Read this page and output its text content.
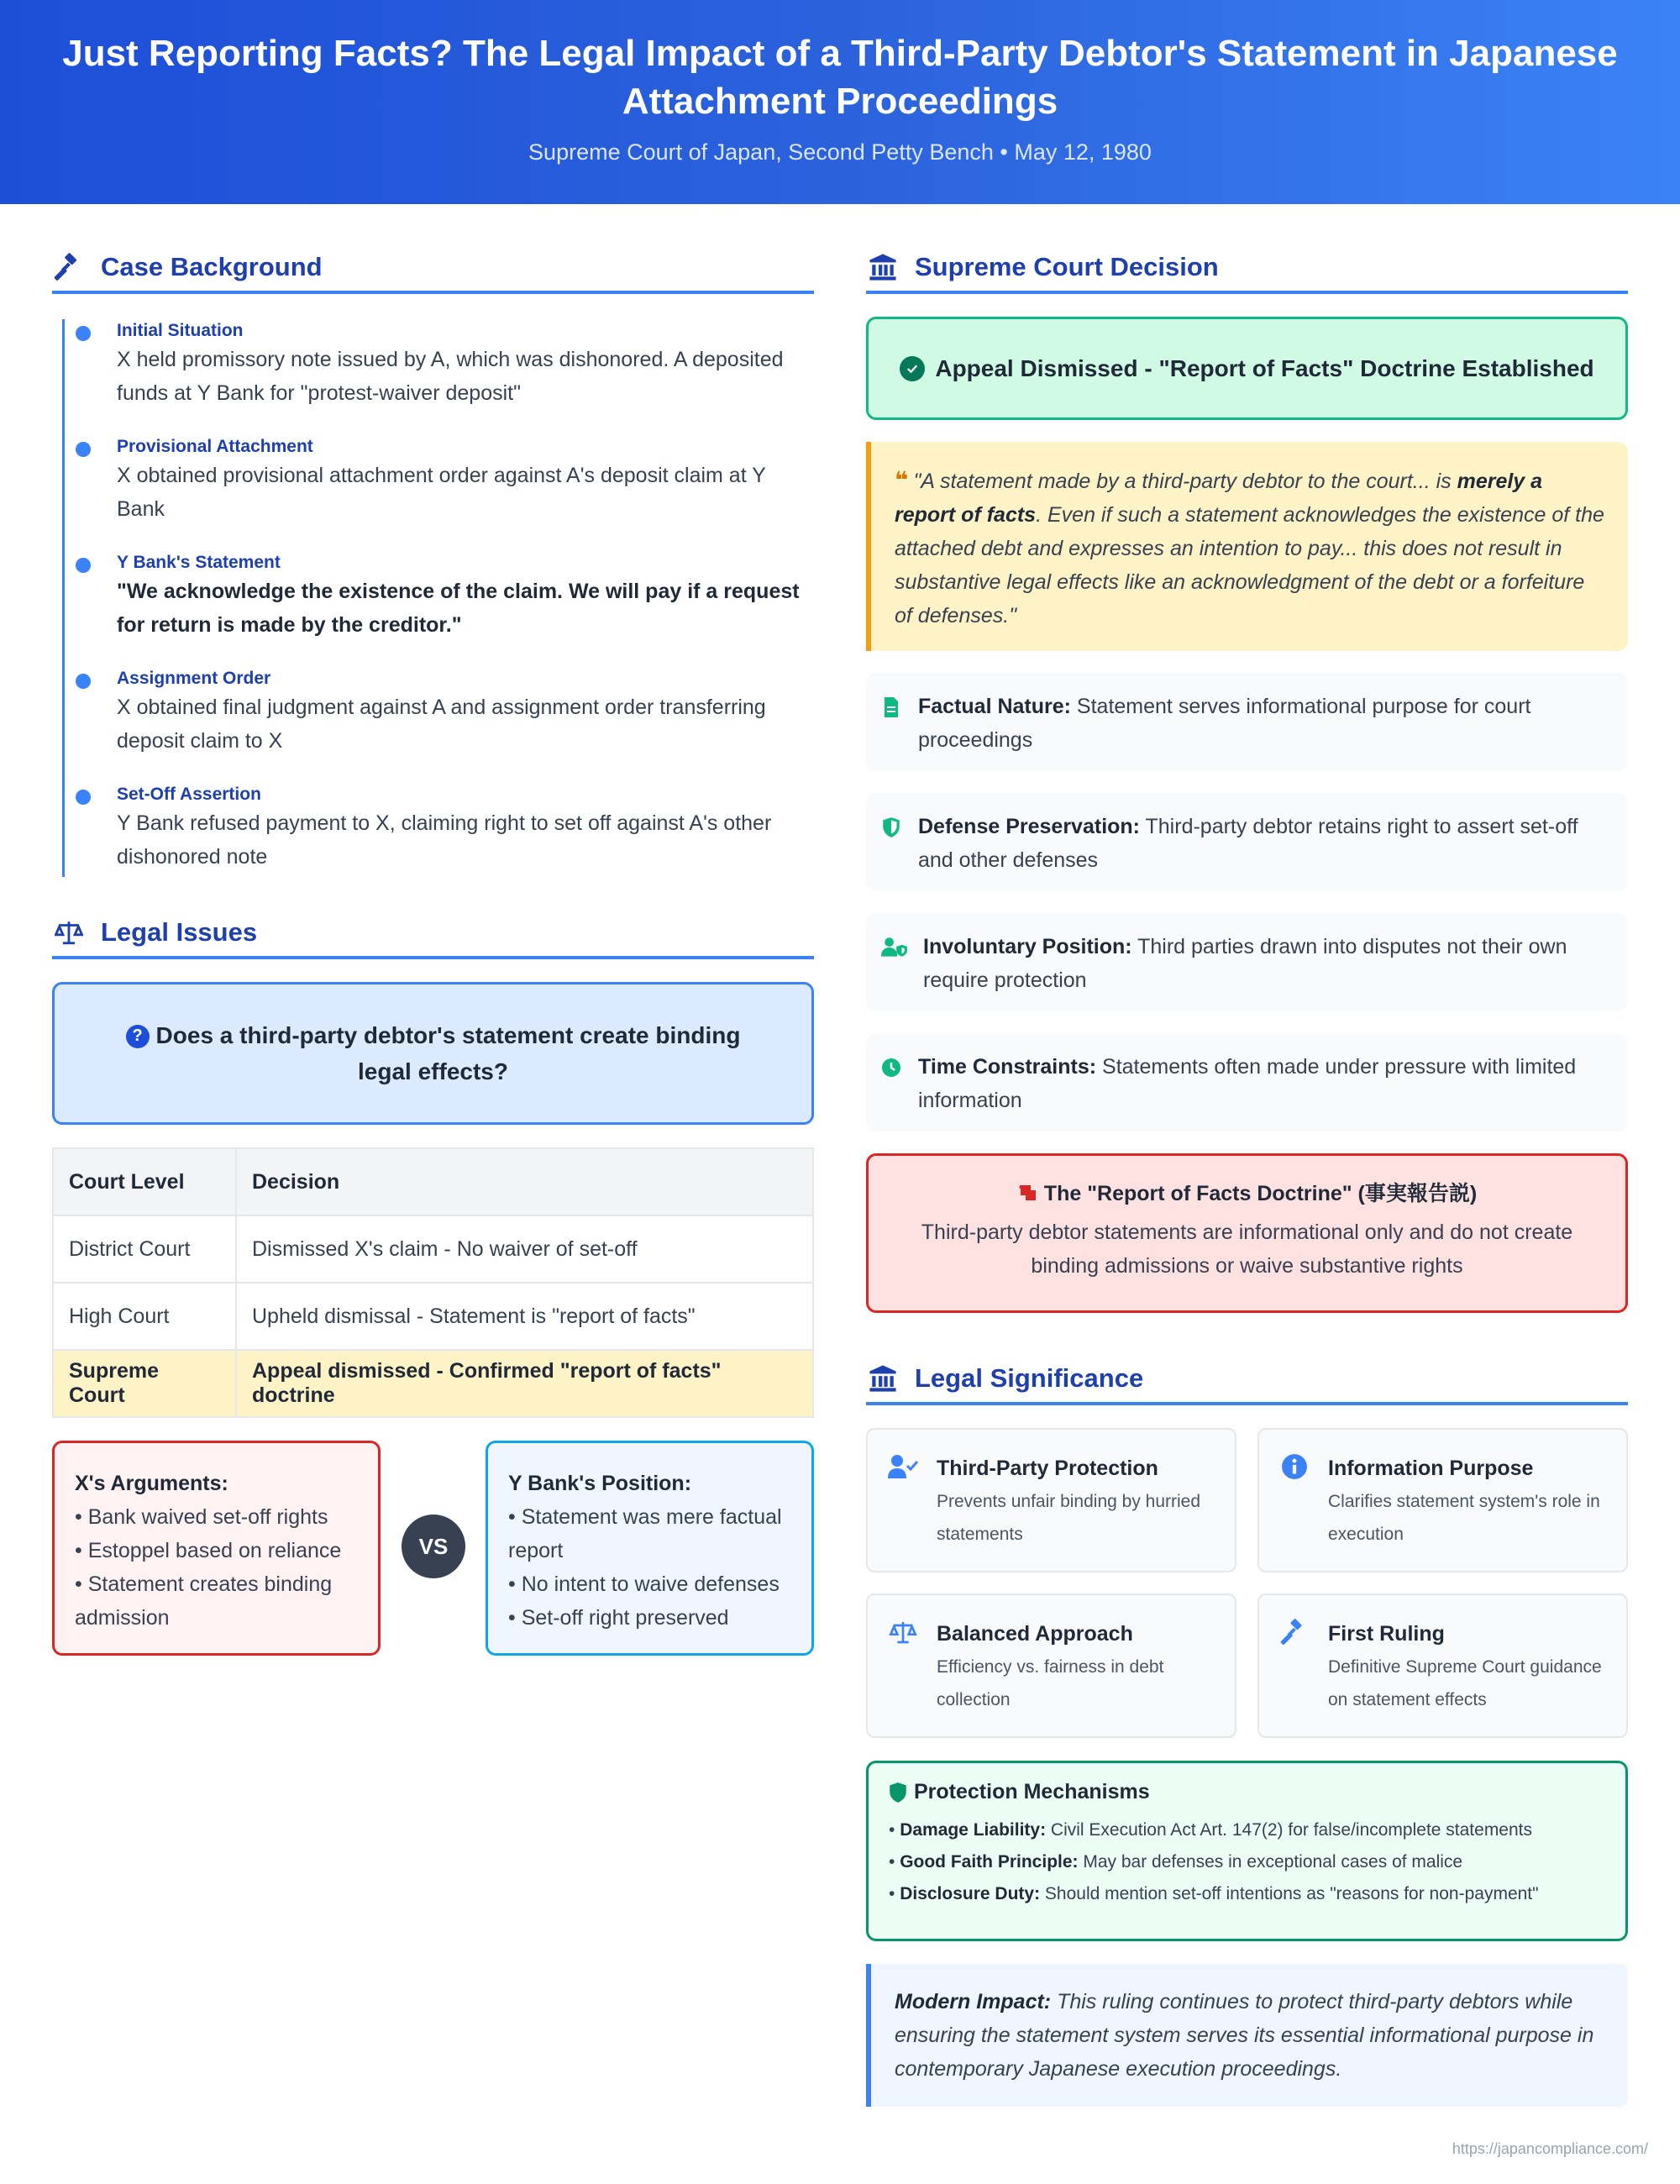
Just Reporting Facts? The Legal Impact of a Third-Party Debtor's Statement in Japanese Attachment Proceedings
Supreme Court of Japan, Second Petty Bench • May 12, 1980
Case Background
Initial Situation
X held promissory note issued by A, which was dishonored. A deposited funds at Y Bank for "protest-waiver deposit"
Provisional Attachment
X obtained provisional attachment order against A's deposit claim at Y Bank
Y Bank's Statement
"We acknowledge the existence of the claim. We will pay if a request for return is made by the creditor."
Assignment Order
X obtained final judgment against A and assignment order transferring deposit claim to X
Set-Off Assertion
Y Bank refused payment to X, claiming right to set off against A's other dishonored note
Legal Issues
? Does a third-party debtor's statement create binding legal effects?
Court Level	Decision
District Court	Dismissed X's claim - No waiver of set-off
High Court	Upheld dismissal - Statement is "report of facts"
Supreme Court	Appeal dismissed - Confirmed "report of facts" doctrine
X's Arguments:
• Bank waived set-off rights
• Estoppel based on reliance
• Statement creates binding admission
VS
Y Bank's Position:
• Statement was mere factual report
• No intent to waive defenses
• Set-off right preserved
Supreme Court Decision
Appeal Dismissed - "Report of Facts" Doctrine Established
❝ "A statement made by a third-party debtor to the court... is merely a report of facts. Even if such a statement acknowledges the existence of the attached debt and expresses an intention to pay... this does not result in substantive legal effects like an acknowledgment of the debt or a forfeiture of defenses."
Factual Nature: Statement serves informational purpose for court proceedings
Defense Preservation: Third-party debtor retains right to assert set-off and other defenses
Involuntary Position: Third parties drawn into disputes not their own require protection
Time Constraints: Statements often made under pressure with limited information
The "Report of Facts Doctrine" (事実報告説)
Third-party debtor statements are informational only and do not create binding admissions or waive substantive rights
Legal Significance
Third-Party Protection
Prevents unfair binding by hurried statements
Information Purpose
Clarifies statement system's role in execution
Balanced Approach
Efficiency vs. fairness in debt collection
First Ruling
Definitive Supreme Court guidance on statement effects
Protection Mechanisms
• Damage Liability: Civil Execution Act Art. 147(2) for false/incomplete statements
• Good Faith Principle: May bar defenses in exceptional cases of malice
• Disclosure Duty: Should mention set-off intentions as "reasons for non-payment"
Modern Impact: This ruling continues to protect third-party debtors while ensuring the statement system serves its essential informational purpose in contemporary Japanese execution proceedings.
https://japancompliance.com/
